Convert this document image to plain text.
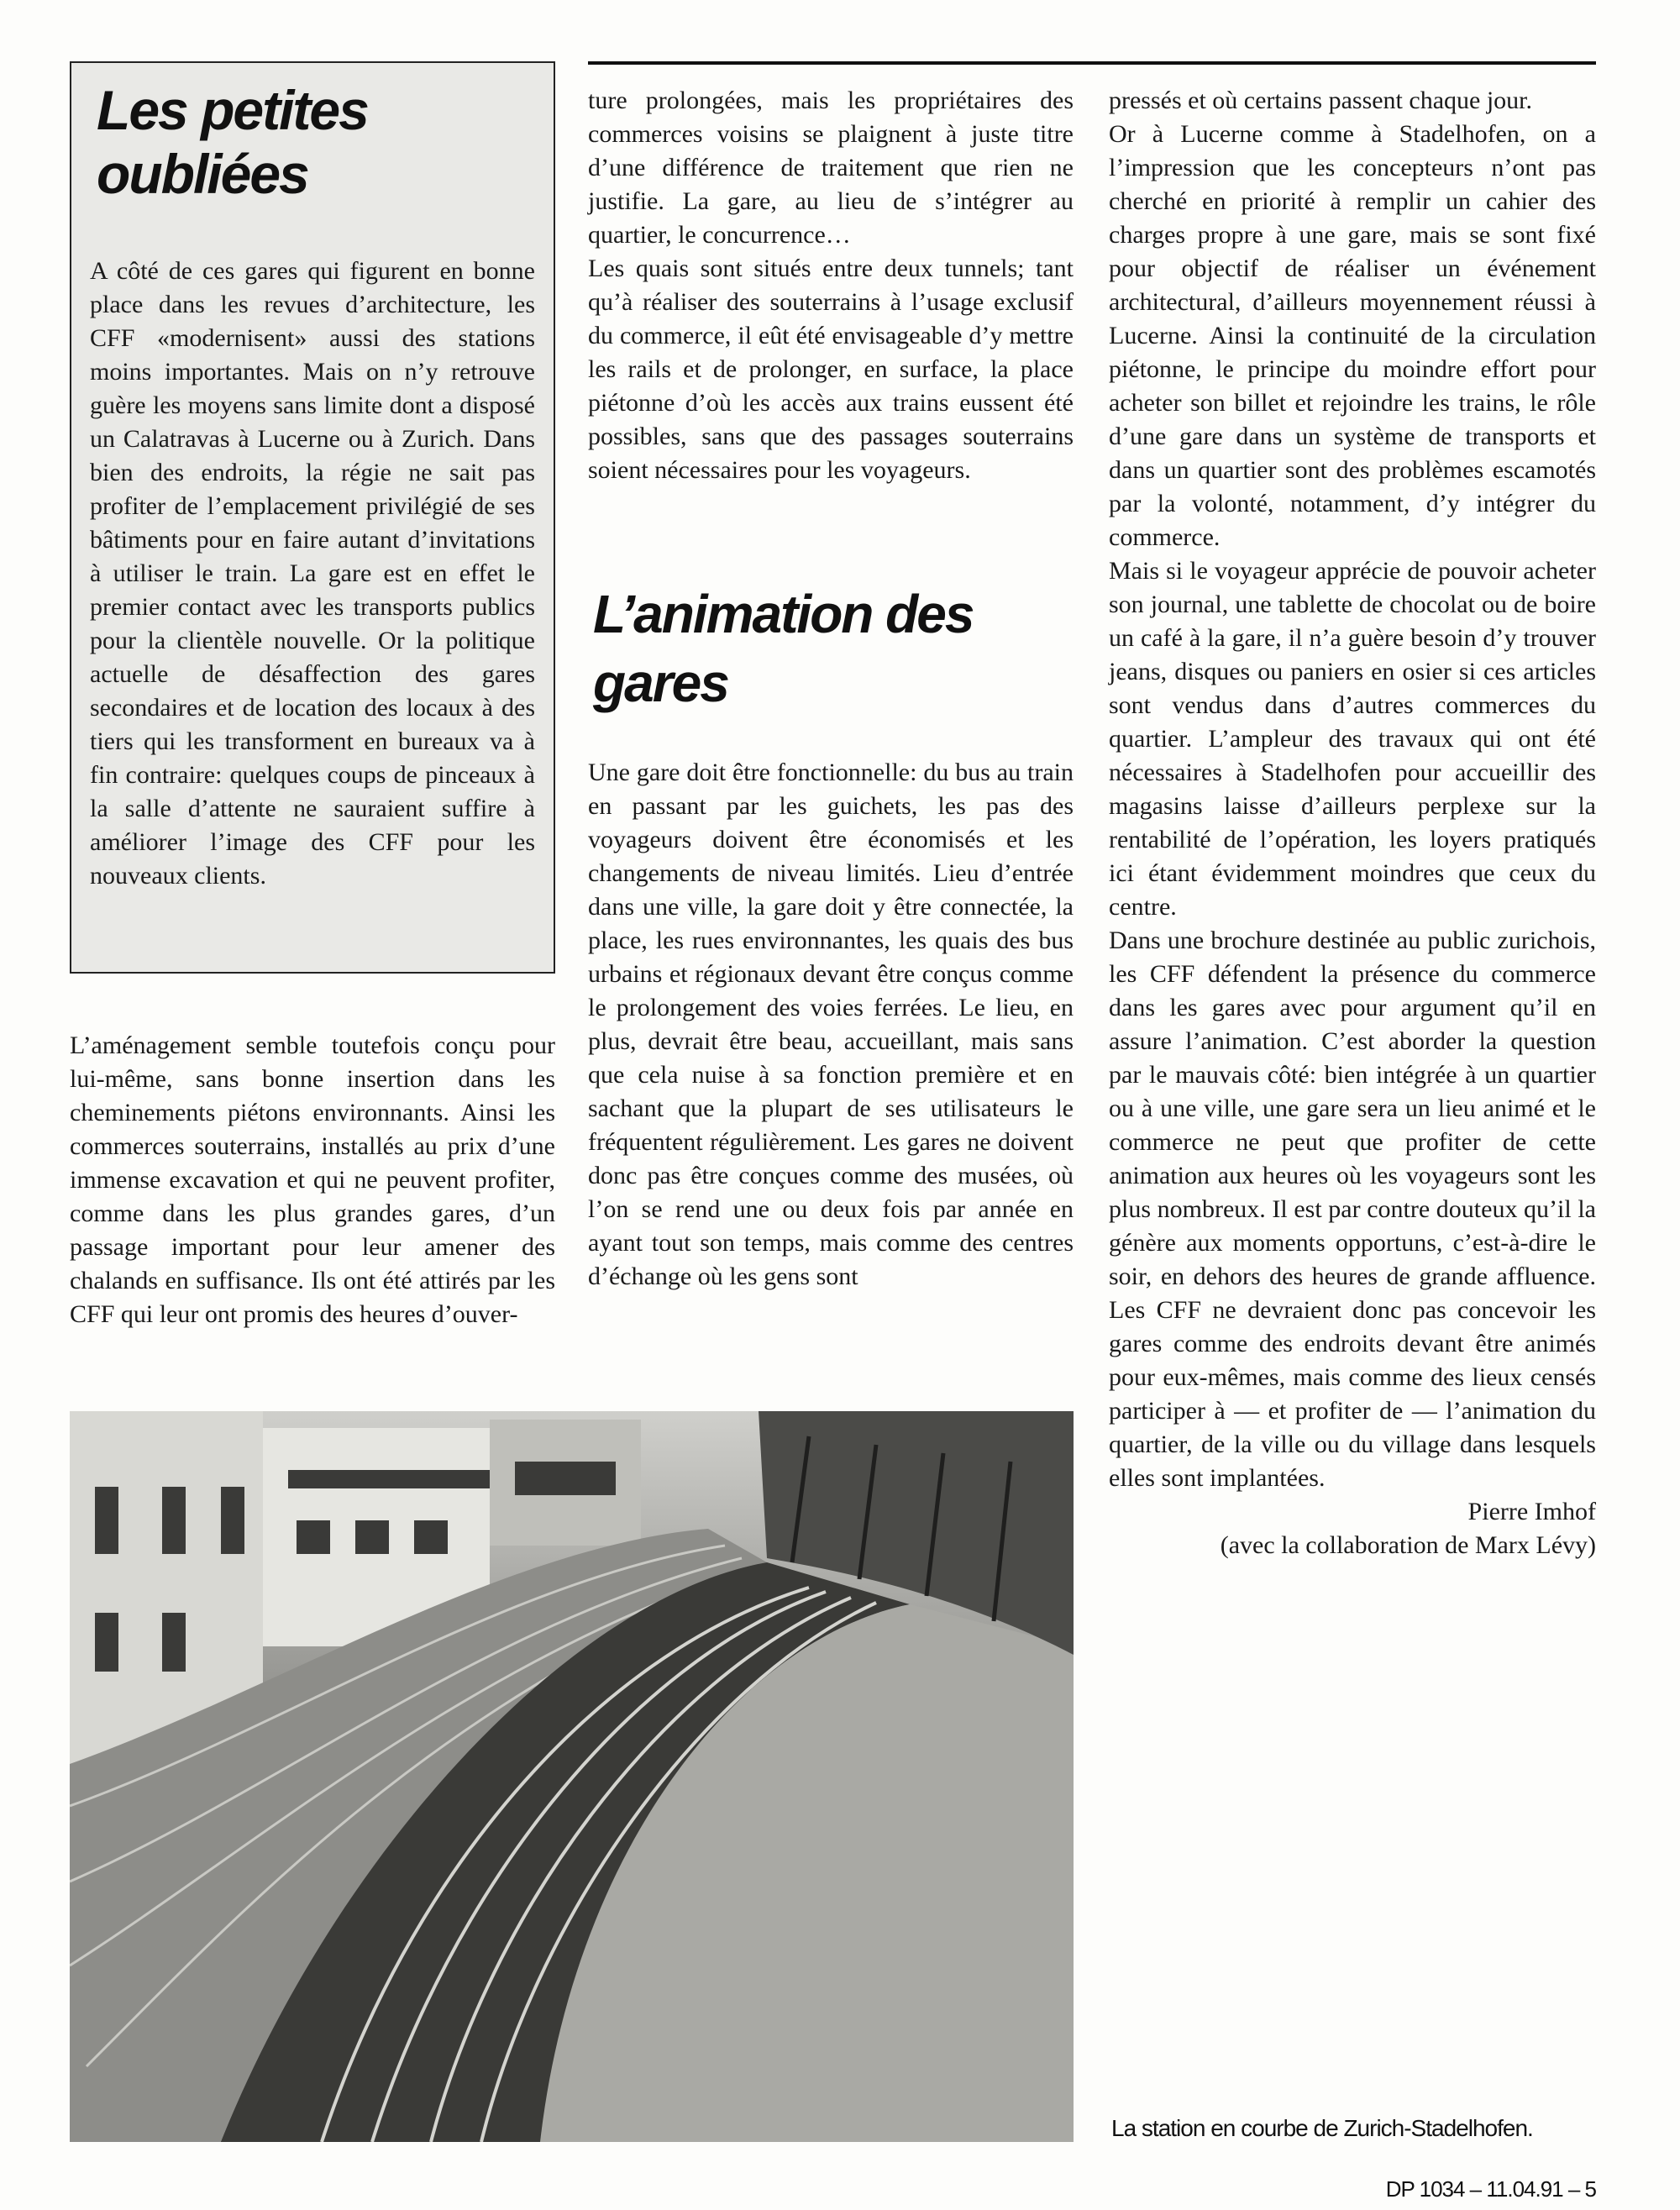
Les petites
oubliées
A côté de ces gares qui figurent en bonne place dans les revues d’architecture, les CFF «modernisent» aussi des stations moins importantes. Mais on n’y retrouve guère les moyens sans limite dont a disposé un Calatravas à Lucerne ou à Zurich. Dans bien des endroits, la régie ne sait pas profiter de l’emplacement privilégié de ses bâtiments pour en faire autant d’invitations à utiliser le train. La gare est en effet le premier contact avec les transports publics pour la clientèle nouvelle. Or la politique actuelle de désaffection des gares secondaires et de location des locaux à des tiers qui les transforment en bureaux va à fin contraire: quelques coups de pinceaux à la salle d’attente ne sauraient suffire à améliorer l’image des CFF pour les nouveaux clients.

L’aménagement semble toutefois conçu pour lui-même, sans bonne insertion dans les cheminements piétons environnants. Ainsi les commerces souterrains, installés au prix d’une immense excavation et qui ne peuvent profiter, comme dans les plus grandes gares, d’un passage important pour leur amener des chalands en suffisance. Ils ont été attirés par les CFF qui leur ont promis des heures d’ouver-

ture prolongées, mais les propriétaires des commerces voisins se plaignent à juste titre d’une différence de traitement que rien ne justifie. La gare, au lieu de s’intégrer au quartier, le concurrence…

Les quais sont situés entre deux tunnels; tant qu’à réaliser des souterrains à l’usage exclusif du commerce, il eût été envisageable d’y mettre les rails et de prolonger, en surface, la place piétonne d’où les accès aux trains eussent été possibles, sans que des passages souterrains soient nécessaires pour les voyageurs.

L’animation des
gares

Une gare doit être fonctionnelle: du bus au train en passant par les guichets, les pas des voyageurs doivent être économisés et les changements de niveau limités. Lieu d’entrée dans une ville, la gare doit y être connectée, la place, les rues environnantes, les quais des bus urbains et régionaux devant être conçus comme le prolongement des voies ferrées. Le lieu, en plus, devrait être beau, accueillant, mais sans que cela nuise à sa fonction première et en sachant que la plupart de ses utilisateurs le fréquentent régulièrement. Les gares ne doivent donc pas être conçues comme des musées, où l’on se rend une ou deux fois par année en ayant tout son temps, mais comme des centres d’échange où les gens sont

pressés et où certains passent chaque jour.

Or à Lucerne comme à Stadelhofen, on a l’impression que les concepteurs n’ont pas cherché en priorité à remplir un cahier des charges propre à une gare, mais se sont fixé pour objectif de réaliser un événement architectural, d’ailleurs moyennement réussi à Lucerne. Ainsi la continuité de la circulation piétonne, le principe du moindre effort pour acheter son billet et rejoindre les trains, le rôle d’une gare dans un système de transports et dans un quartier sont des problèmes escamotés par la volonté, notamment, d’y intégrer du commerce.

Mais si le voyageur apprécie de pouvoir acheter son journal, une tablette de chocolat ou de boire un café à la gare, il n’a guère besoin d’y trouver jeans, disques ou paniers en osier si ces articles sont vendus dans d’autres commerces du quartier. L’ampleur des travaux qui ont été nécessaires à Stadelhofen pour accueillir des magasins laisse d’ailleurs perplexe sur la rentabilité de l’opération, les loyers pratiqués ici étant évidemment moindres que ceux du centre.

Dans une brochure destinée au public zurichois, les CFF défendent la présence du commerce dans les gares avec pour argument qu’il en assure l’animation. C’est aborder la question par le mauvais côté: bien intégrée à un quartier ou à une ville, une gare sera un lieu animé et le commerce ne peut que profiter de cette animation aux heures où les voyageurs sont les plus nombreux. Il est par contre douteux qu’il la génère aux moments opportuns, c’est-à-dire le soir, en dehors des heures de grande affluence. Les CFF ne devraient donc pas concevoir les gares comme des endroits devant être animés pour eux-mêmes, mais comme des lieux censés participer à — et profiter de — l’animation du quartier, de la ville ou du village dans lesquels elles sont implantées.

Pierre Imhof

(avec la collaboration de Marx Lévy)

La station en courbe de Zurich-Stadelhofen.
DP 1034 – 11.04.91 – 5
